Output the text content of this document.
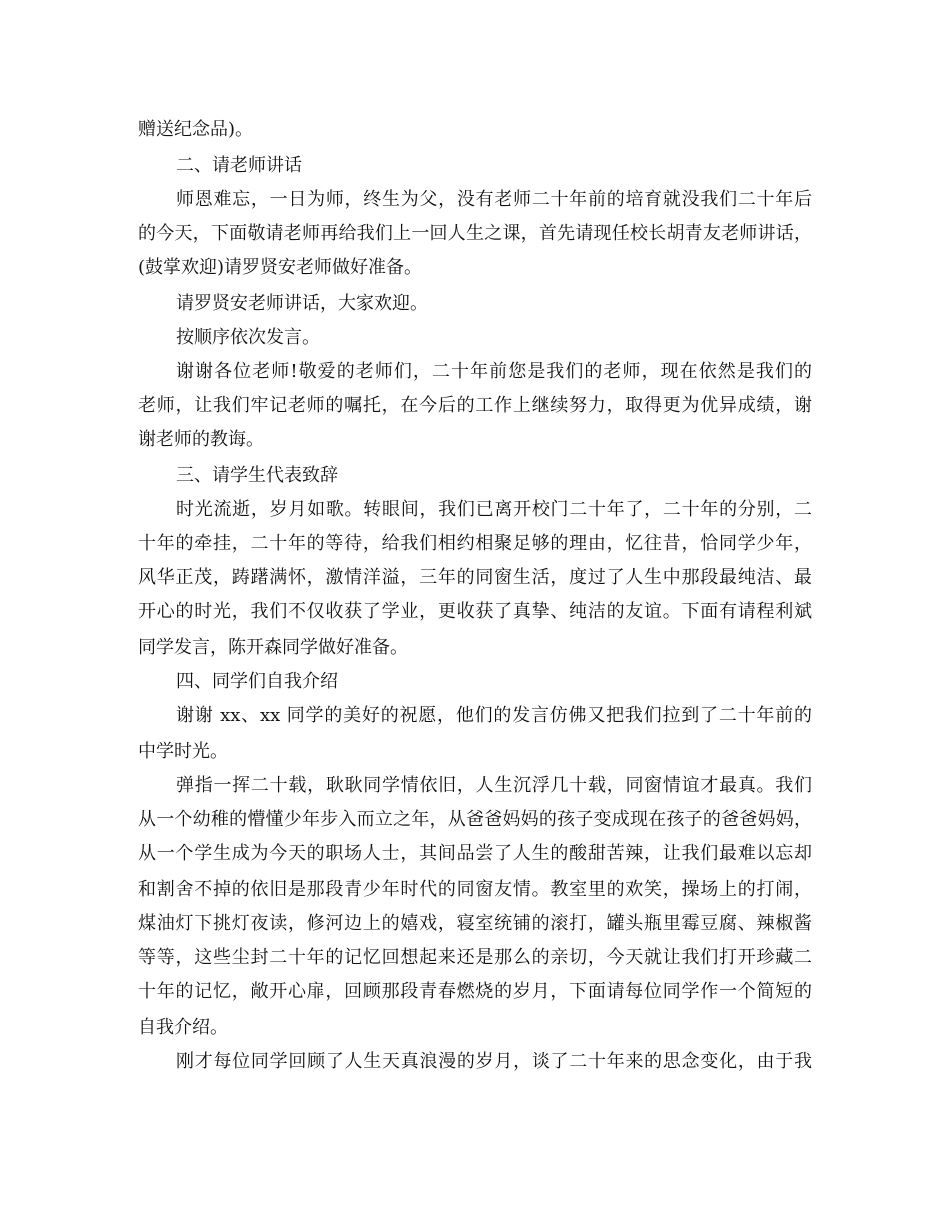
赠送纪念品)。
二、请老师讲话
师恩难忘，一日为师，终生为父，没有老师二十年前的培育就没我们二十年后
的今天，下面敬请老师再给我们上一回人生之课，首先请现任校长胡青友老师讲话，
(鼓掌欢迎)请罗贤安老师做好准备。
请罗贤安老师讲话，大家欢迎。
按顺序依次发言。
谢谢各位老师!敬爱的老师们，二十年前您是我们的老师，现在依然是我们的
老师，让我们牢记老师的嘱托，在今后的工作上继续努力，取得更为优异成绩，谢
谢老师的教诲。
三、请学生代表致辞
时光流逝，岁月如歌。转眼间，我们已离开校门二十年了，二十年的分别，二
十年的牵挂，二十年的等待，给我们相约相聚足够的理由，忆往昔，恰同学少年，
风华正茂，踌躇满怀，激情洋溢，三年的同窗生活，度过了人生中那段最纯洁、最
开心的时光，我们不仅收获了学业，更收获了真挚、纯洁的友谊。下面有请程利斌
同学发言，陈开森同学做好准备。
四、同学们自我介绍
谢谢 xx、xx 同学的美好的祝愿，他们的发言仿佛又把我们拉到了二十年前的
中学时光。
弹指一挥二十载，耿耿同学情依旧，人生沉浮几十载，同窗情谊才最真。我们
从一个幼稚的懵懂少年步入而立之年，从爸爸妈妈的孩子变成现在孩子的爸爸妈妈，
从一个学生成为今天的职场人士，其间品尝了人生的酸甜苦辣，让我们最难以忘却
和割舍不掉的依旧是那段青少年时代的同窗友情。教室里的欢笑，操场上的打闹，
煤油灯下挑灯夜读，修河边上的嬉戏，寝室统铺的滚打，罐头瓶里霉豆腐、辣椒酱
等等，这些尘封二十年的记忆回想起来还是那么的亲切，今天就让我们打开珍藏二
十年的记忆，敞开心扉，回顾那段青春燃烧的岁月，下面请每位同学作一个简短的
自我介绍。
刚才每位同学回顾了人生天真浪漫的岁月，谈了二十年来的思念变化，由于我
